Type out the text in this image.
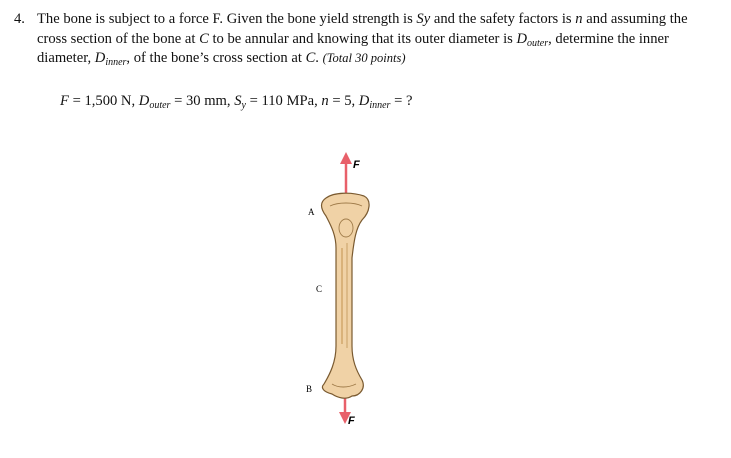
4. The bone is subject to a force F. Given the bone yield strength is Sy and the safety factors is n and assuming the cross section of the bone at C to be annular and knowing that its outer diameter is $D_{outer}$, determine the inner diameter, $D_{inner}$, of the bone’s cross section at C. (Total 30 points)
F = 1,500 N, $D_{outer} = 30$ mm, $S_y = 110$ MPa, n = 5, $D_{inner}$ = ?
F
F
A
C
B
